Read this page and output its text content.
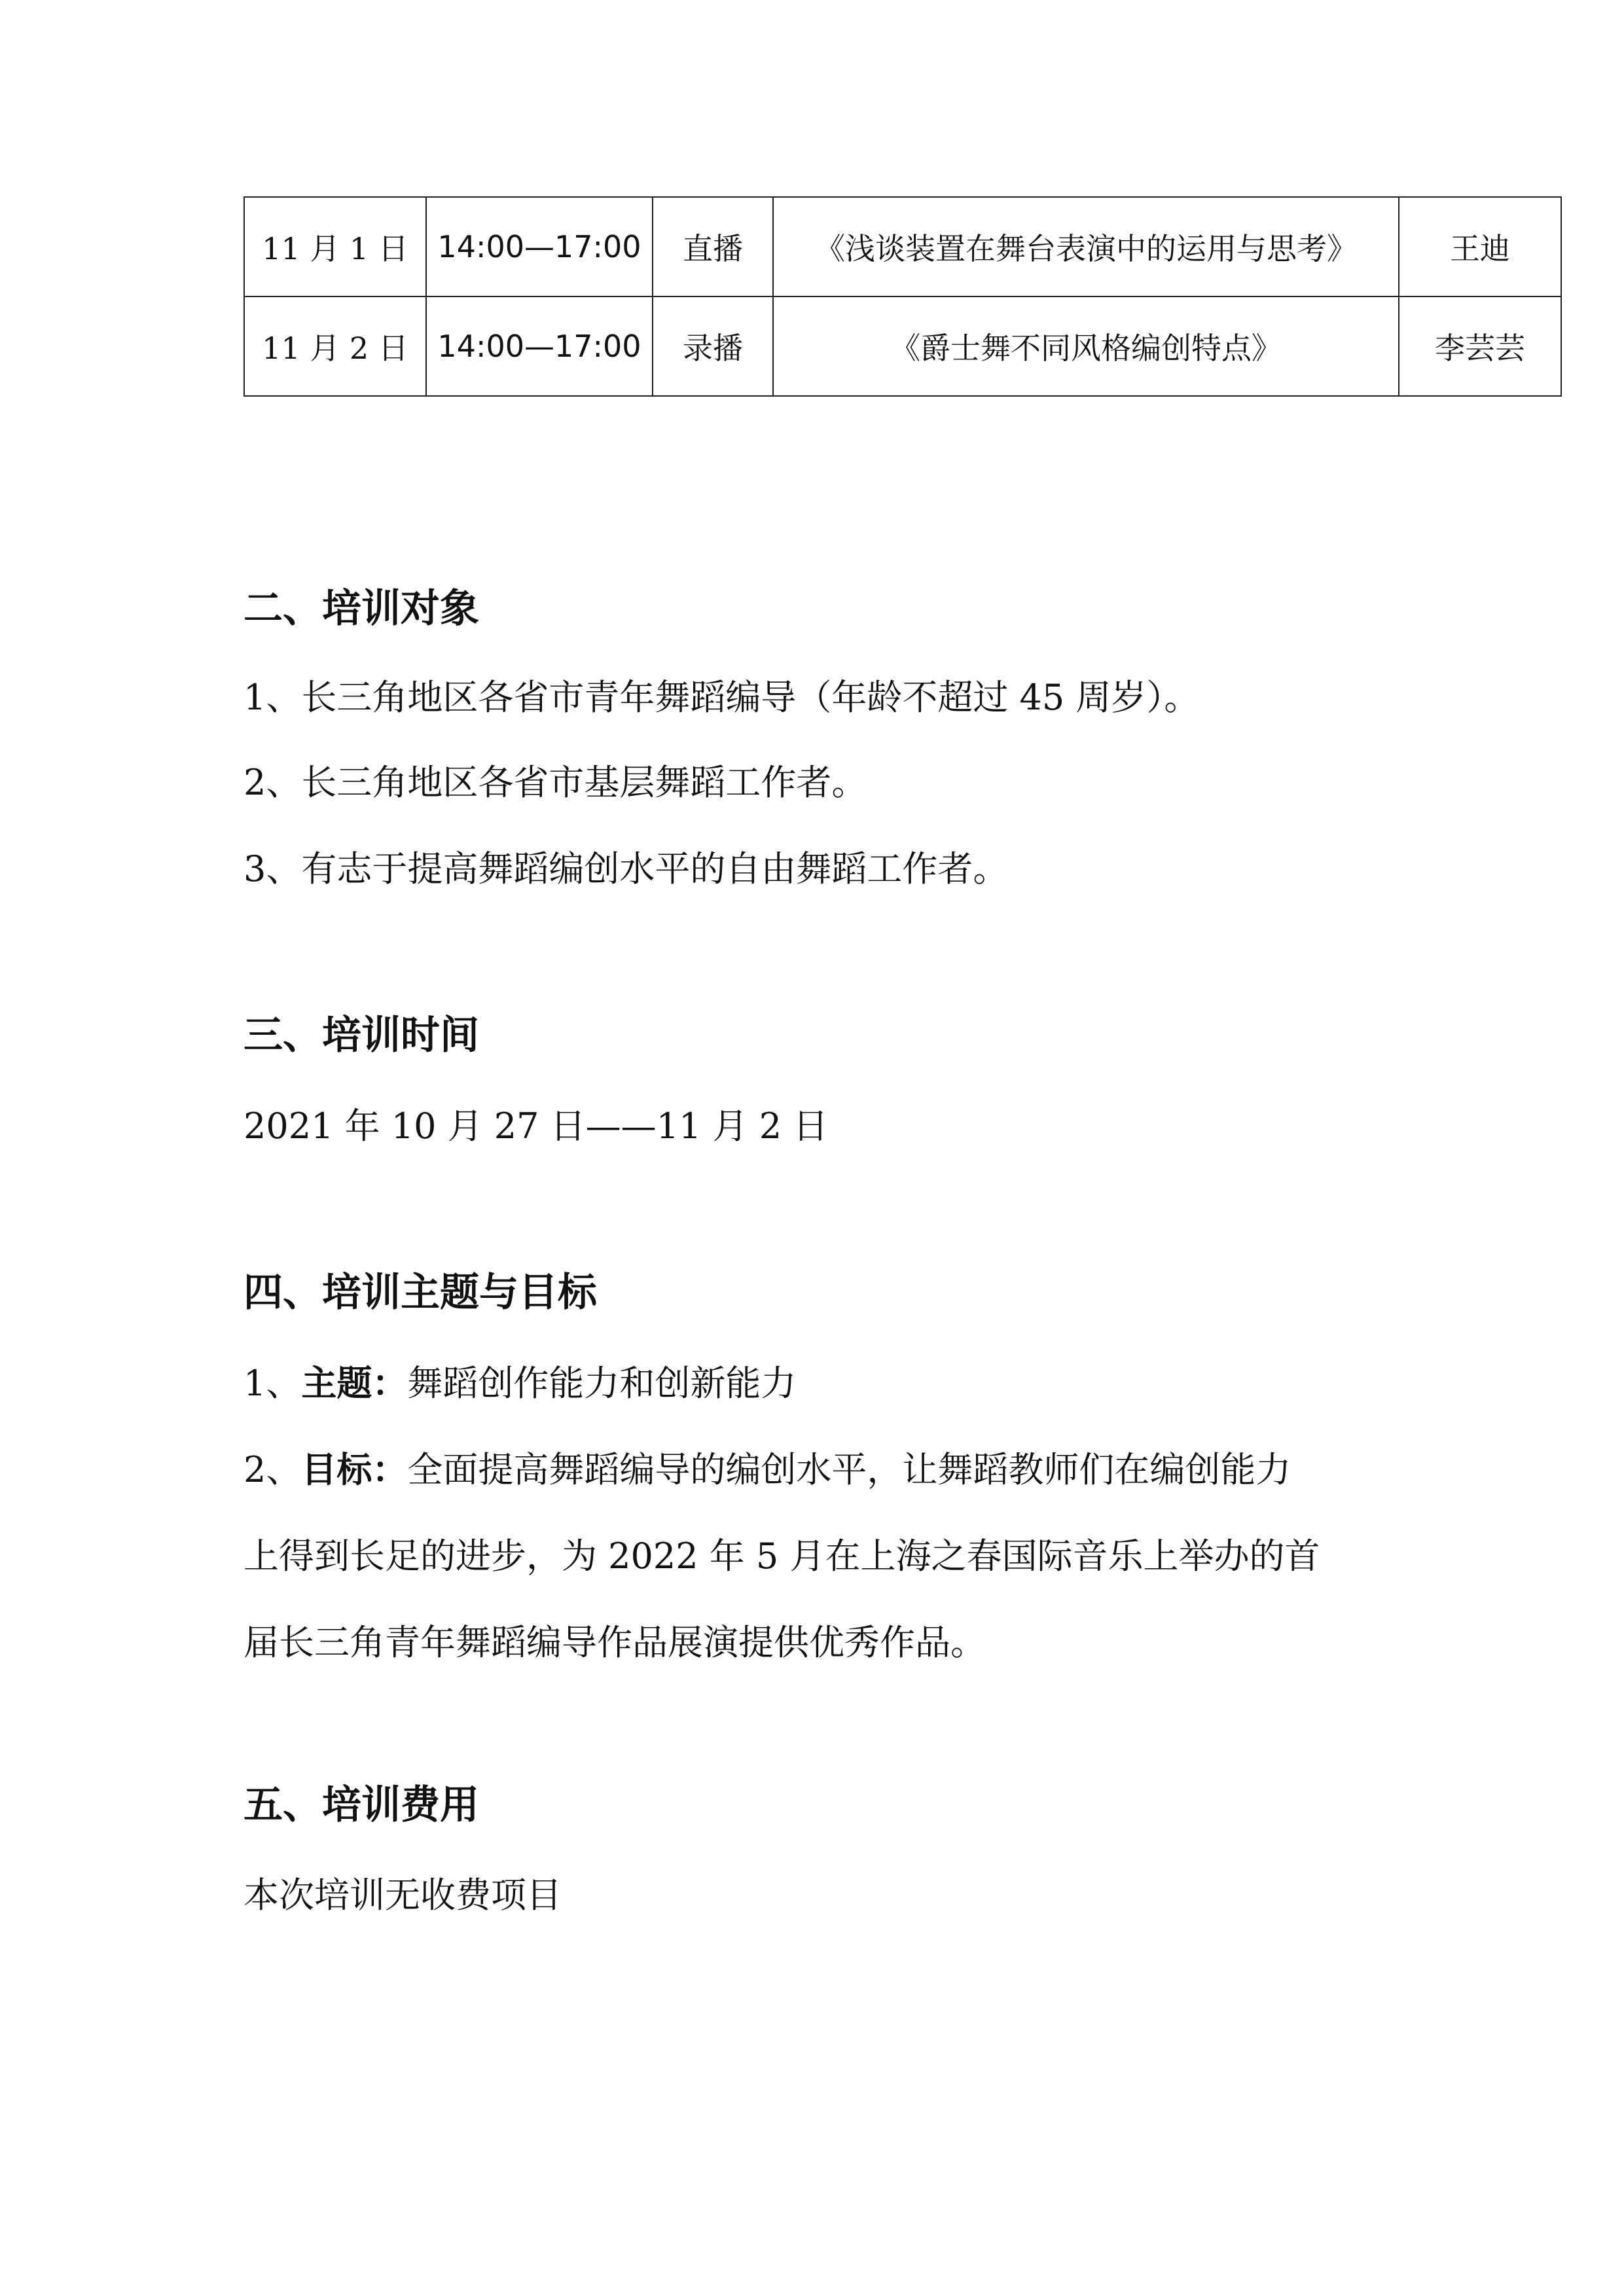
11 月 1 日	14:00—17:00	直播	《浅谈装置在舞台表演中的运用与思考》	王迪
11 月 2 日	14:00—17:00	录播	《爵士舞不同风格编创特点》	李芸芸
二、培训对象

1、长三角地区各省市青年舞蹈编导（年龄不超过 45 周岁）。

2、长三角地区各省市基层舞蹈工作者。

3、有志于提高舞蹈编创水平的自由舞蹈工作者。

三、培训时间

2021 年 10 月 27 日——11 月 2 日

四、培训主题与目标

1、主题：舞蹈创作能力和创新能力

2、目标：全面提高舞蹈编导的编创水平，让舞蹈教师们在编创能力

上得到长足的进步，为 2022 年 5 月在上海之春国际音乐上举办的首

届长三角青年舞蹈编导作品展演提供优秀作品。

五、培训费用

本次培训无收费项目
